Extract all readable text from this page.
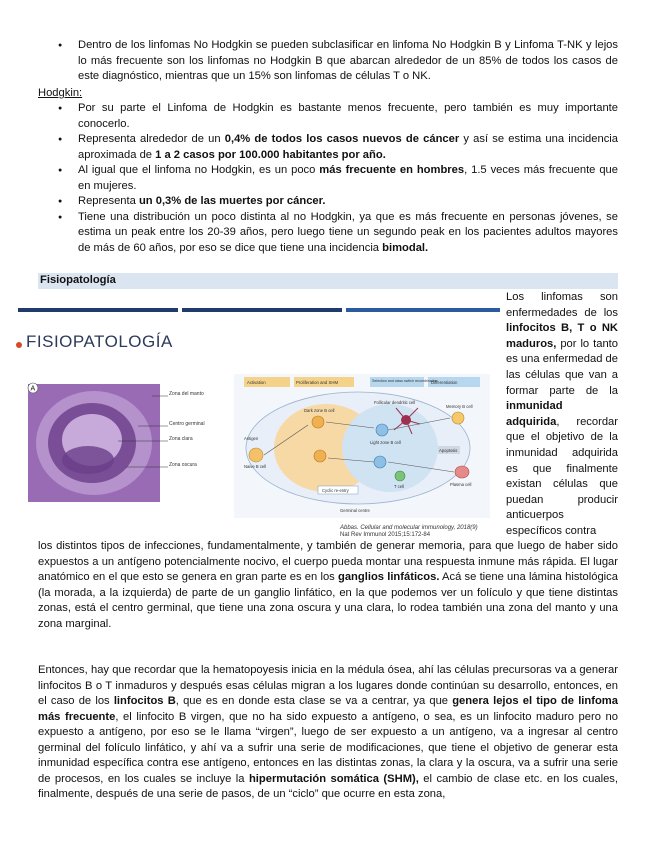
● Dentro de los linfomas No Hodgkin se pueden subclasificar en linfoma No Hodgkin B y Linfoma T-NK y lejos lo más frecuente son los linfomas no Hodgkin B que abarcan alrededor de un 85% de todos los casos de este diagnóstico, mientras que un 15% son linfomas de células T o NK.
Hodgkin:
● Por su parte el Linfoma de Hodgkin es bastante menos frecuente, pero también es muy importante conocerlo.
● Representa alrededor de un 0,4% de todos los casos nuevos de cáncer y así se estima una incidencia aproximada de 1 a 2 casos por 100.000 habitantes por año.
● Al igual que el linfoma no Hodgkin, es un poco más frecuente en hombres, 1.5 veces más frecuente que en mujeres.
● Representa un 0,3% de las muertes por cáncer.
● Tiene una distribución un poco distinta al no Hodgkin, ya que es más frecuente en personas jóvenes, se estima un peak entre los 20-39 años, pero luego tiene un segundo peak en los pacientes adultos mayores de más de 60 años, por eso se dice que tiene una incidencia bimodal.
Fisiopatología
FISIOPATOLOGÍA
A
Zona del manto
Centro germinal
Zona clara
Zona oscura
Activation	Proliferation and SHM	Selection and class switch recombination
Differentiation
Antigen
Naive B cell
Dark zone B cell
Light zone B cell
Follicular dendritic cell
Memory B cell
Plasma cell
T cell
Apoptosis
Cyclic re-entry
Germinal centre
Abbas. Cellular and molecular immunology, 2018(9)
Nat Rev Immunol 2015;15:172-84
Los linfomas son enfermedades de los linfocitos B, T o NK maduros, por lo tanto es una enfermedad de las células que van a formar parte de la inmunidad adquirida, recordar que el objetivo de la inmunidad adquirida es que finalmente existan células que puedan producir anticuerpos específicos contra
los distintos tipos de infecciones, fundamentalmente, y también de generar memoria, para que luego de haber sido expuestos a un antígeno potencialmente nocivo, el cuerpo pueda montar una respuesta inmune más rápida. El lugar anatómico en el que esto se genera en gran parte es en los ganglios linfáticos. Acá se tiene una lámina histológica (la morada, a la izquierda) de parte de un ganglio linfático, en la que podemos ver un folículo y que tiene distintas zonas, está el centro germinal, que tiene una zona oscura y una clara, lo rodea también una zona del manto y una zona marginal.
Entonces, hay que recordar que la hematopoyesis inicia en la médula ósea, ahí las células precursoras va a generar linfocitos B o T inmaduros y después esas células migran a los lugares donde continúan su desarrollo, entonces, en el caso de los linfocitos B, que es en donde esta clase se va a centrar, ya que genera lejos el tipo de linfoma más frecuente, el linfocito B virgen, que no ha sido expuesto a antígeno, o sea, es un linfocito maduro pero no expuesto a antígeno, por eso se le llama “virgen”, luego de ser expuesto a un antígeno, va a ingresar al centro germinal del folículo linfático, y ahí va a sufrir una serie de modificaciones, que tiene el objetivo de generar esta inmunidad específica contra ese antígeno, entonces en las distintas zonas, la clara y la oscura, va a sufrir una serie de procesos, en los cuales se incluye la hipermutación somática (SHM), el cambio de clase etc. en los cuales, finalmente, después de una serie de pasos, de un “ciclo” que ocurre en esta zona,
